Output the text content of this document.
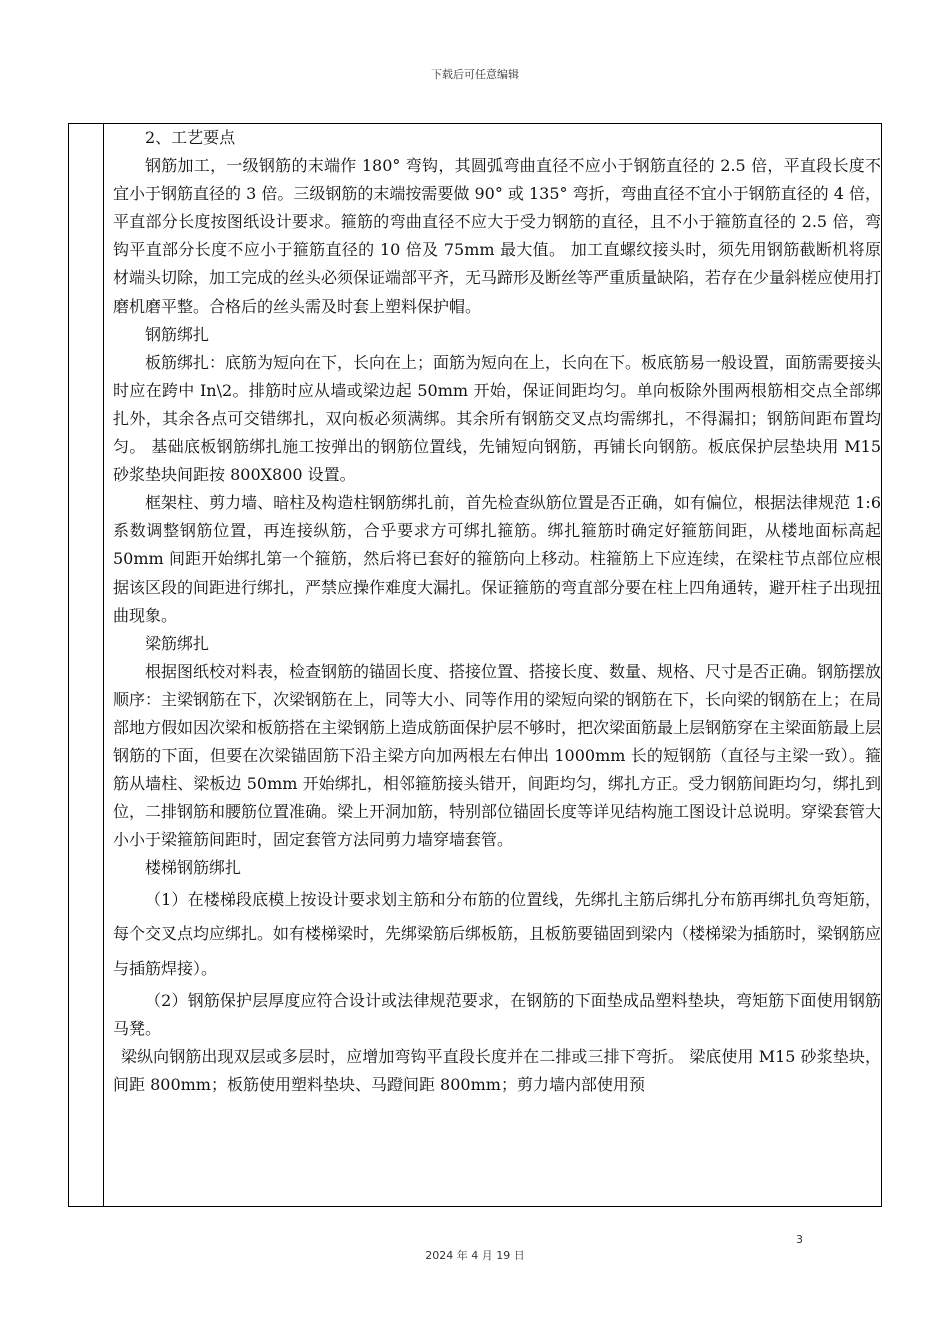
下载后可任意编辑

2、工艺要点

钢筋加工，一级钢筋的末端作 180° 弯钩，其圆弧弯曲直径不应小于钢筋直径的 2.5 倍，平直段长度不宜小于钢筋直径的 3 倍。三级钢筋的末端按需要做 90° 或 135° 弯折，弯曲直径不宜小于钢筋直径的 4 倍，平直部分长度按图纸设计要求。箍筋的弯曲直径不应大于受力钢筋的直径，且不小于箍筋直径的 2.5 倍，弯钩平直部分长度不应小于箍筋直径的 10 倍及 75mm 最大值。 加工直螺纹接头时，须先用钢筋截断机将原材端头切除，加工完成的丝头必须保证端部平齐，无马蹄形及断丝等严重质量缺陷，若存在少量斜槎应使用打磨机磨平整。合格后的丝头需及时套上塑料保护帽。

钢筋绑扎

板筋绑扎：底筋为短向在下，长向在上；面筋为短向在上，长向在下。板底筋易一般设置，面筋需要接头时应在跨中 In\2。排筋时应从墙或梁边起 50mm 开始，保证间距均匀。单向板除外围两根筋相交点全部绑扎外，其余各点可交错绑扎，双向板必须满绑。其余所有钢筋交叉点均需绑扎，不得漏扣；钢筋间距布置均匀。 基础底板钢筋绑扎施工按弹出的钢筋位置线，先铺短向钢筋，再铺长向钢筋。板底保护层垫块用 M15 砂浆垫块间距按 800X800 设置。

框架柱、剪力墙、暗柱及构造柱钢筋绑扎前，首先检查纵筋位置是否正确，如有偏位，根据法律规范 1:6 系数调整钢筋位置，再连接纵筋，合乎要求方可绑扎箍筋。绑扎箍筋时确定好箍筋间距，从楼地面标高起 50mm 间距开始绑扎第一个箍筋，然后将已套好的箍筋向上移动。柱箍筋上下应连续，在梁柱节点部位应根据该区段的间距进行绑扎，严禁应操作难度大漏扎。保证箍筋的弯直部分要在柱上四角通转，避开柱子出现扭曲现象。

梁筋绑扎

根据图纸校对料表，检查钢筋的锚固长度、搭接位置、搭接长度、数量、规格、尺寸是否正确。钢筋摆放顺序：主梁钢筋在下，次梁钢筋在上，同等大小、同等作用的梁短向梁的钢筋在下，长向梁的钢筋在上；在局部地方假如因次梁和板筋搭在主梁钢筋上造成筋面保护层不够时，把次梁面筋最上层钢筋穿在主梁面筋最上层钢筋的下面，但要在次梁锚固筋下沿主梁方向加两根左右伸出 1000mm 长的短钢筋（直径与主梁一致）。箍筋从墙柱、梁板边 50mm 开始绑扎，相邻箍筋接头错开，间距均匀，绑扎方正。受力钢筋间距均匀，绑扎到位，二排钢筋和腰筋位置准确。梁上开洞加筋，特别部位锚固长度等详见结构施工图设计总说明。穿梁套管大小小于梁箍筋间距时，固定套管方法同剪力墙穿墙套管。

楼梯钢筋绑扎

（1）在楼梯段底模上按设计要求划主筋和分布筋的位置线，先绑扎主筋后绑扎分布筋再绑扎负弯矩筋，每个交叉点均应绑扎。如有楼梯梁时，先绑梁筋后绑板筋，且板筋要锚固到梁内（楼梯梁为插筋时，梁钢筋应与插筋焊接）。

（2）钢筋保护层厚度应符合设计或法律规范要求，在钢筋的下面垫成品塑料垫块，弯矩筋下面使用钢筋马凳。

梁纵向钢筋出现双层或多层时，应增加弯钩平直段长度并在二排或三排下弯折。 梁底使用 M15 砂浆垫块，间距 800mm；板筋使用塑料垫块、马蹬间距 800mm；剪力墙内部使用预

3
2024 年 4 月 19 日
